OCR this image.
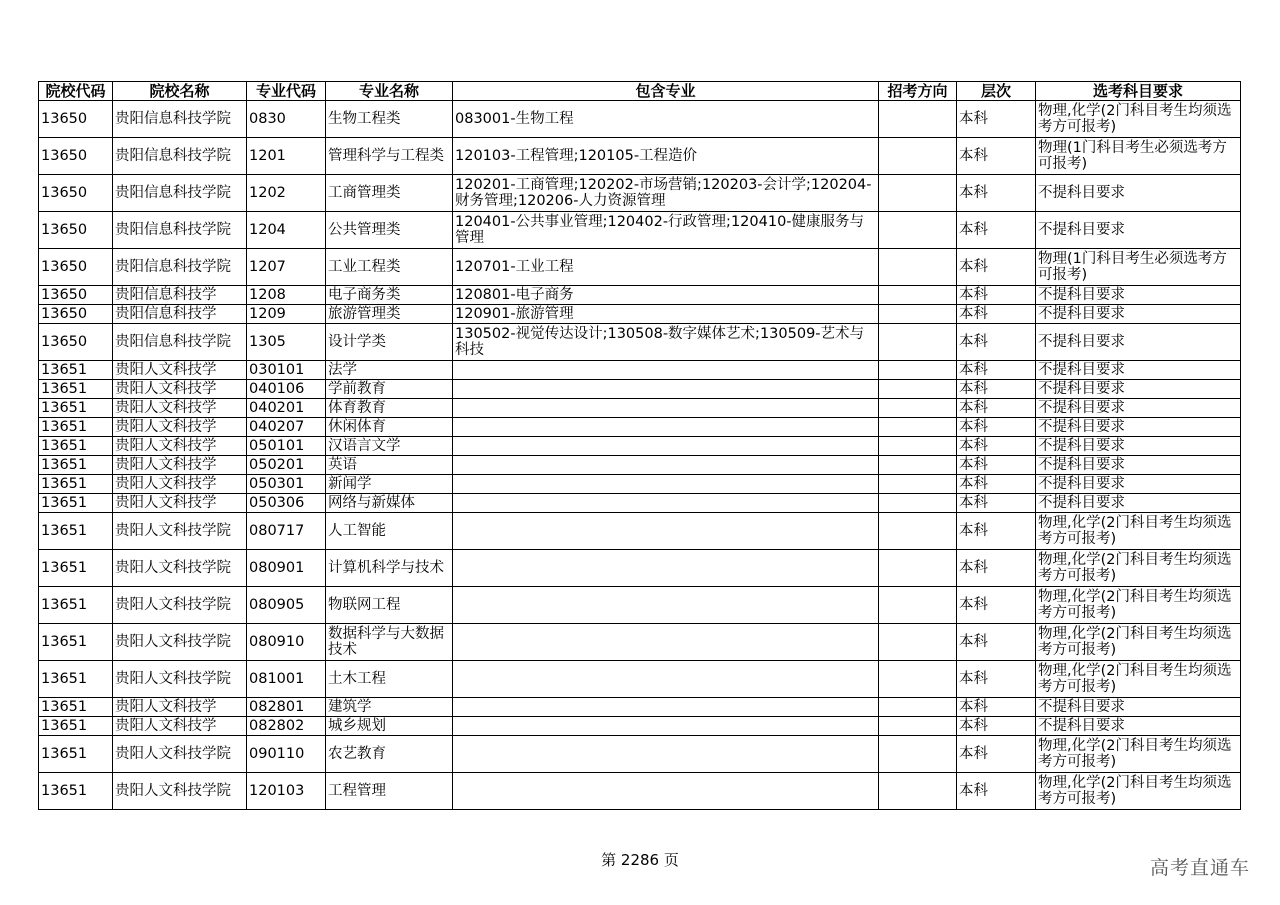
院校代码	院校名称	专业代码	专业名称	包含专业	招考方向	层次	选考科目要求
13650	贵阳信息科技学院	0830	生物工程类	083001-生物工程		本科	物理,化学(2门科目考生均须选考方可报考)
13650	贵阳信息科技学院	1201	管理科学与工程类	120103-工程管理;120105-工程造价		本科	物理(1门科目考生必须选考方可报考)
13650	贵阳信息科技学院	1202	工商管理类	120201-工商管理;120202-市场营销;120203-会计学;120204-财务管理;120206-人力资源管理		本科	不提科目要求
13650	贵阳信息科技学院	1204	公共管理类	120401-公共事业管理;120402-行政管理;120410-健康服务与管理		本科	不提科目要求
13650	贵阳信息科技学院	1207	工业工程类	120701-工业工程		本科	物理(1门科目考生必须选考方可报考)
13650	贵阳信息科技学	1208	电子商务类	120801-电子商务		本科	不提科目要求
13650	贵阳信息科技学	1209	旅游管理类	120901-旅游管理		本科	不提科目要求
13650	贵阳信息科技学院	1305	设计学类	130502-视觉传达设计;130508-数字媒体艺术;130509-艺术与科技		本科	不提科目要求
13651	贵阳人文科技学	030101	法学			本科	不提科目要求
13651	贵阳人文科技学	040106	学前教育			本科	不提科目要求
13651	贵阳人文科技学	040201	体育教育			本科	不提科目要求
13651	贵阳人文科技学	040207	休闲体育			本科	不提科目要求
13651	贵阳人文科技学	050101	汉语言文学			本科	不提科目要求
13651	贵阳人文科技学	050201	英语			本科	不提科目要求
13651	贵阳人文科技学	050301	新闻学			本科	不提科目要求
13651	贵阳人文科技学	050306	网络与新媒体			本科	不提科目要求
13651	贵阳人文科技学院	080717	人工智能			本科	物理,化学(2门科目考生均须选考方可报考)
13651	贵阳人文科技学院	080901	计算机科学与技术			本科	物理,化学(2门科目考生均须选考方可报考)
13651	贵阳人文科技学院	080905	物联网工程			本科	物理,化学(2门科目考生均须选考方可报考)
13651	贵阳人文科技学院	080910	数据科学与大数据技术			本科	物理,化学(2门科目考生均须选考方可报考)
13651	贵阳人文科技学院	081001	土木工程			本科	物理,化学(2门科目考生均须选考方可报考)
13651	贵阳人文科技学	082801	建筑学			本科	不提科目要求
13651	贵阳人文科技学	082802	城乡规划			本科	不提科目要求
13651	贵阳人文科技学院	090110	农艺教育			本科	物理,化学(2门科目考生均须选考方可报考)
13651	贵阳人文科技学院	120103	工程管理			本科	物理,化学(2门科目考生均须选考方可报考)
第 2286 页	高考直通车
